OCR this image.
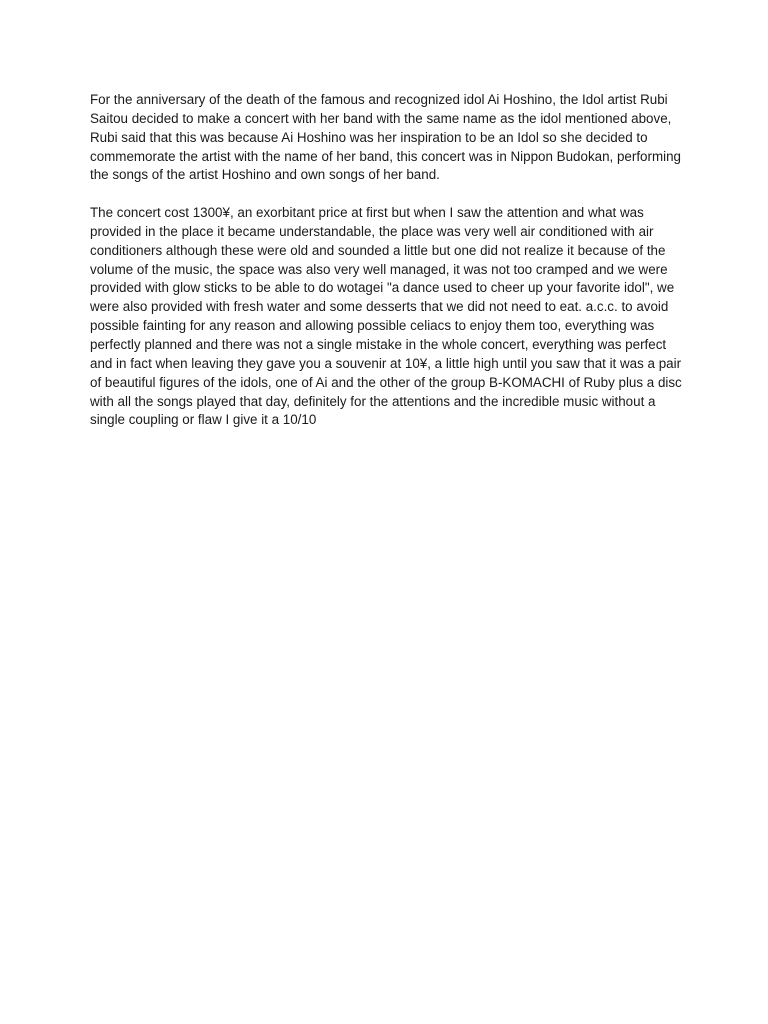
For the anniversary of the death of the famous and recognized idol Ai Hoshino, the Idol artist Rubi Saitou decided to make a concert with her band with the same name as the idol mentioned above, Rubi said that this was because Ai Hoshino was her inspiration to be an Idol so she decided to commemorate the artist with the name of her band, this concert was in Nippon Budokan, performing the songs of the artist Hoshino and own songs of her band.

The concert cost 1300¥, an exorbitant price at first but when I saw the attention and what was provided in the place it became understandable, the place was very well air conditioned with air conditioners although these were old and sounded a little but one did not realize it because of the volume of the music, the space was also very well managed, it was not too cramped and we were provided with glow sticks to be able to do wotagei "a dance used to cheer up your favorite idol", we were also provided with fresh water and some desserts that we did not need to eat. a.c.c. to avoid possible fainting for any reason and allowing possible celiacs to enjoy them too, everything was perfectly planned and there was not a single mistake in the whole concert, everything was perfect and in fact when leaving they gave you a souvenir at 10¥, a little high until you saw that it was a pair of beautiful figures of the idols, one of Ai and the other of the group B-KOMACHI of Ruby plus a disc with all the songs played that day, definitely for the attentions and the incredible music without a single coupling or flaw I give it a 10/10
